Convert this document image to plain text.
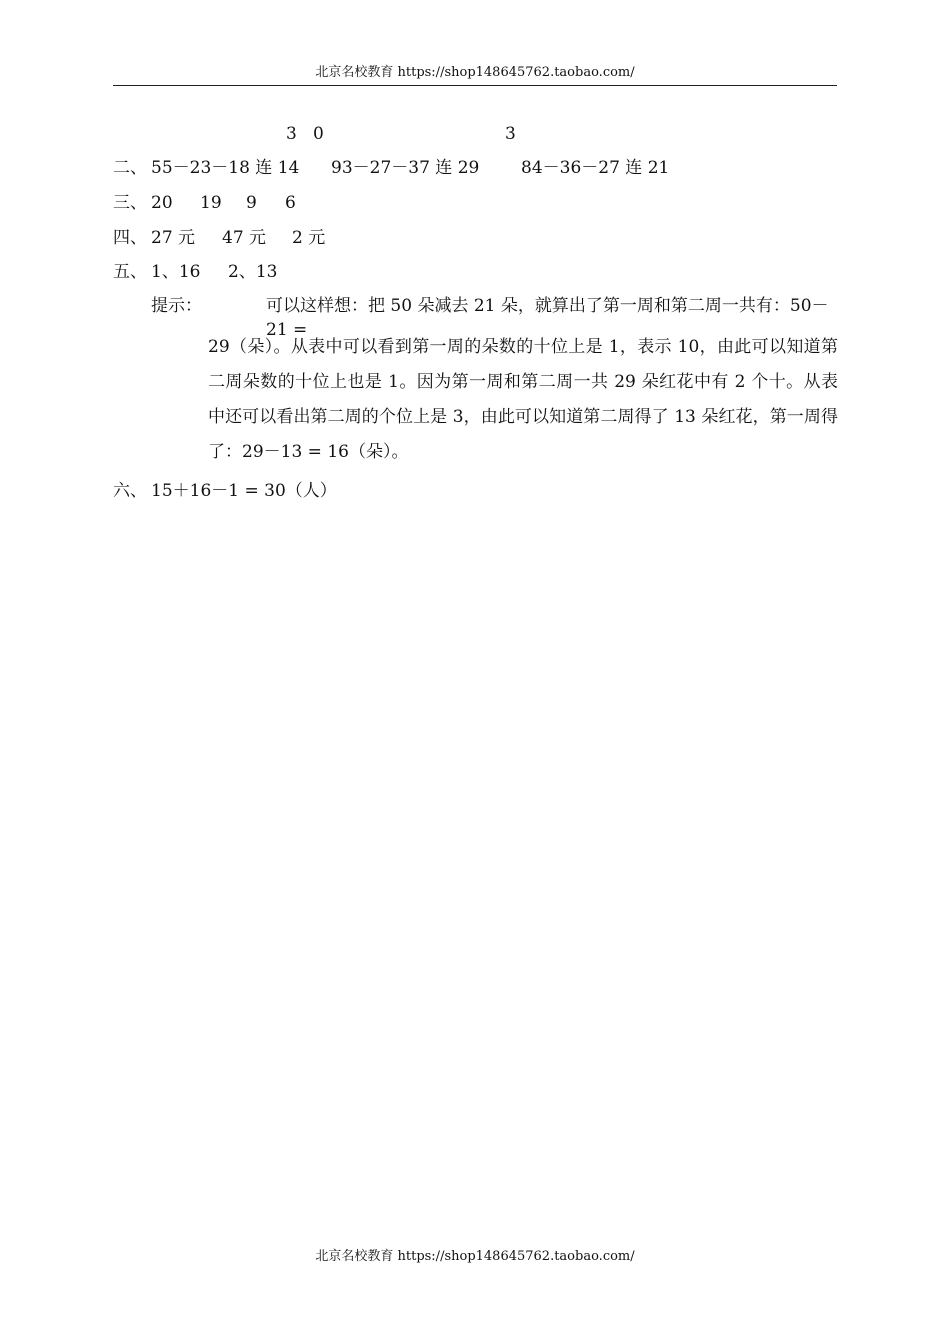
北京名校教育 https://shop148645762.taobao.com/
3   0	3
二、 55－23－18 连 14 93－27－37 连 29 84－36－27 连 21
三、 20 19 9 6
四、 27 元 47 元 2 元
五、 1、16 2、13
提示：	可以这样想：把 50 朵减去 21 朵，就算出了第一周和第二周一共有：50－21 =
29（朵）。从表中可以看到第一周的朵数的十位上是 1，表示 10，由此可以知道第二周朵数的十位上也是 1。因为第一周和第二周一共 29 朵红花中有 2 个十。从表中还可以看出第二周的个位上是 3，由此可以知道第二周得了 13 朵红花，第一周得了：29－13 = 16（朵）。
六、 15＋16－1 = 30（人）
北京名校教育 https://shop148645762.taobao.com/
